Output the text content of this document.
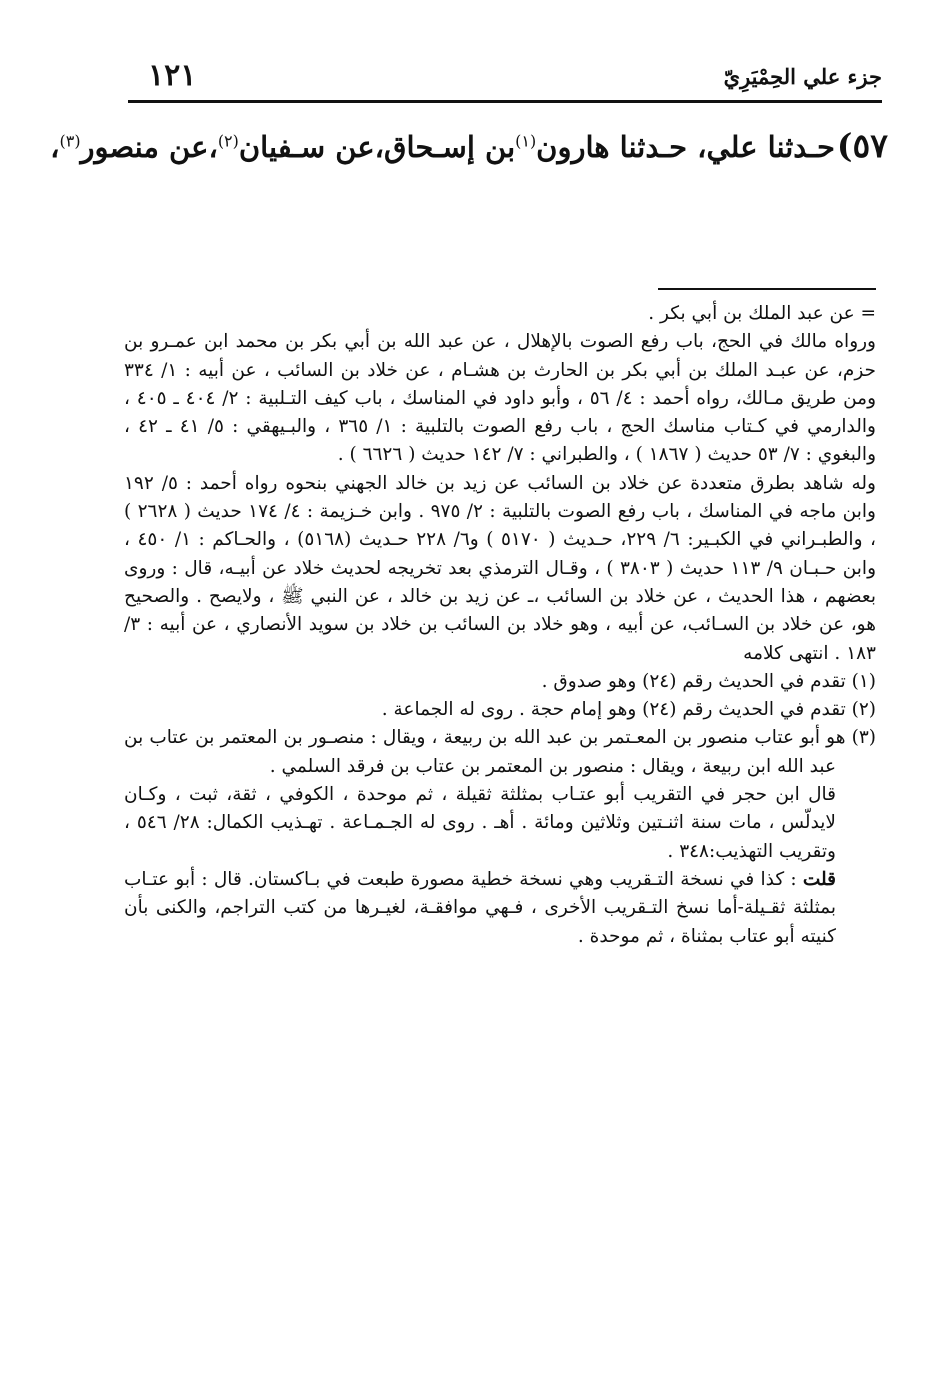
جزء علي الحِمْيَرِيّ
١٢١
٥٧)حـدثنا علي، حـدثنا هارون$^{(١)}$بن إسـحاق،عن سـفيان$^{(٢)}$،عن منصور$^{(٣)}$،

= عن عبد الملك بن أبي بكر .

ورواه مالك في الحج، باب رفع الصوت بالإهلال ، عن عبد الله بن أبي بكر بن محمد ابن عمـرو بن حزم، عن عبـد الملك بن أبي بكر بن الحارث بن هشـام ، عن خلاد بن السائب ، عن أبيه : ١/ ٣٣٤ ومن طريق مـالك، رواه أحمد : ٤/ ٥٦ ، وأبو داود في المناسك ، باب كيف التـلبية : ٢/ ٤٠٤ ـ ٤٠٥ ، والدارمي في كـتاب مناسك الحج ، باب رفع الصوت بالتلبية : ١/ ٣٦٥ ، والبـيهقي : ٥/ ٤١ ـ ٤٢ ، والبغوي : ٧/ ٥٣ حديث ( ١٨٦٧ ) ، والطبراني : ٧/ ١٤٢ حديث ( ٦٦٢٦ ) .

وله شاهد بطرق متعددة عن خلاد بن السائب عن زيد بن خالد الجهني بنحوه رواه أحمد : ٥/ ١٩٢ وابن ماجه في المناسك ، باب رفع الصوت بالتلبية : ٢/ ٩٧٥ . وابن خـزيمة : ٤/ ١٧٤ حديث ( ٢٦٢٨ ) ، والطبـراني في الكبـير: ٦/ ٢٢٩، حـديث ( ٥١٧٠ ) و٦/ ٢٢٨ حـديث (٥١٦٨) ، والحـاكم : ١/ ٤٥٠ ، وابن حـبـان ٩/ ١١٣ حديث ( ٣٨٠٣ ) ، وقـال الترمذي بعد تخريجه لحديث خلاد عن أبيـه، قال : وروى بعضهم ، هذا الحديث ، عن خلاد بن السائب ،ـ عن زيد بن خالد ، عن النبي ﷺ ، ولايصح . والصحيح هو، عن خلاد بن السـائب، عن أبيه ، وهو خلاد بن السائب بن خلاد بن سويد الأنصاري ، عن أبيه : ٣/ ١٨٣ . انتهى كلامه

(١) تقدم في الحديث رقم (٢٤) وهو صدوق .

(٢) تقدم في الحديث رقم (٢٤) وهو إمام حجة . روى له الجماعة .

(٣) هو أبو عتاب منصور بن المعـتمر بن عبد الله بن ربيعة ، ويقال : منصـور بن المعتمر بن عتاب بن عبد الله ابن ربيعة ، ويقال : منصور بن المعتمر بن عتاب بن فرقد السلمي .

قال ابن حجر في التقريب أبو عتـاب بمثلثة ثقيلة ، ثم موحدة ، الكوفي ، ثقة، ثبت ، وكـان لايدلّس ، مات سنة اثنـتين وثلاثين ومائة . أهـ . روى له الجـمـاعة . تهـذيب الكمال: ٢٨/ ٥٤٦ ، وتقريب التهذيب:٣٤٨ .

قلت : كذا في نسخة التـقريب وهي نسخة خطية مصورة طبعت في بـاكستان. قال : أبو عتـاب بمثلثة ثقـيلة-أما نسخ التـقريب الأخرى ، فـهي موافقـة، لغيـرها من كتب التراجم، والكنى بأن كنيته أبو عتاب بمثناة ، ثم موحدة .
